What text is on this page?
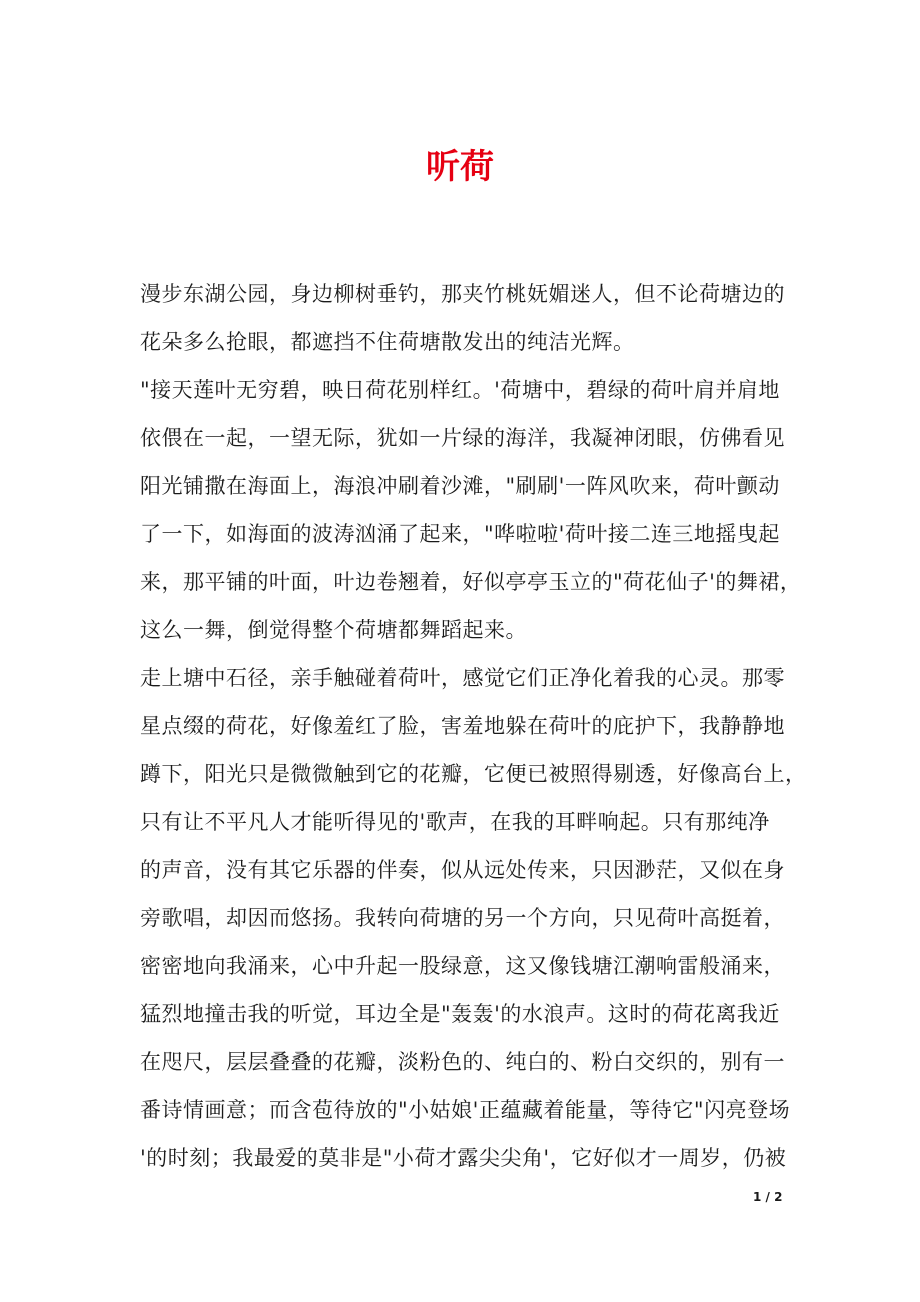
听荷
漫步东湖公园，身边柳树垂钓，那夹竹桃妩媚迷人，但不论荷塘边的
花朵多么抢眼，都遮挡不住荷塘散发出的纯洁光辉。
"接天莲叶无穷碧，映日荷花别样红。'荷塘中，碧绿的荷叶肩并肩地
依偎在一起，一望无际，犹如一片绿的海洋，我凝神闭眼，仿佛看见
阳光铺撒在海面上，海浪冲刷着沙滩，"刷刷'一阵风吹来，荷叶颤动
了一下，如海面的波涛汹涌了起来，"哗啦啦'荷叶接二连三地摇曳起
来，那平铺的叶面，叶边卷翘着，好似亭亭玉立的"荷花仙子'的舞裙，
这么一舞，倒觉得整个荷塘都舞蹈起来。
走上塘中石径，亲手触碰着荷叶，感觉它们正净化着我的心灵。那零
星点缀的荷花，好像羞红了脸，害羞地躲在荷叶的庇护下，我静静地
蹲下，阳光只是微微触到它的花瓣，它便已被照得剔透，好像高台上，
只有让不平凡人才能听得见的'歌声，在我的耳畔响起。只有那纯净
的声音，没有其它乐器的伴奏，似从远处传来，只因渺茫，又似在身
旁歌唱，却因而悠扬。我转向荷塘的另一个方向，只见荷叶高挺着，
密密地向我涌来，心中升起一股绿意，这又像钱塘江潮响雷般涌来，
猛烈地撞击我的听觉，耳边全是"轰轰'的水浪声。这时的荷花离我近
在咫尺，层层叠叠的花瓣，淡粉色的、纯白的、粉白交织的，别有一
番诗情画意；而含苞待放的"小姑娘'正蕴藏着能量，等待它"闪亮登场
'的时刻；我最爱的莫非是"小荷才露尖尖角'，它好似才一周岁，仍被
1 / 2
